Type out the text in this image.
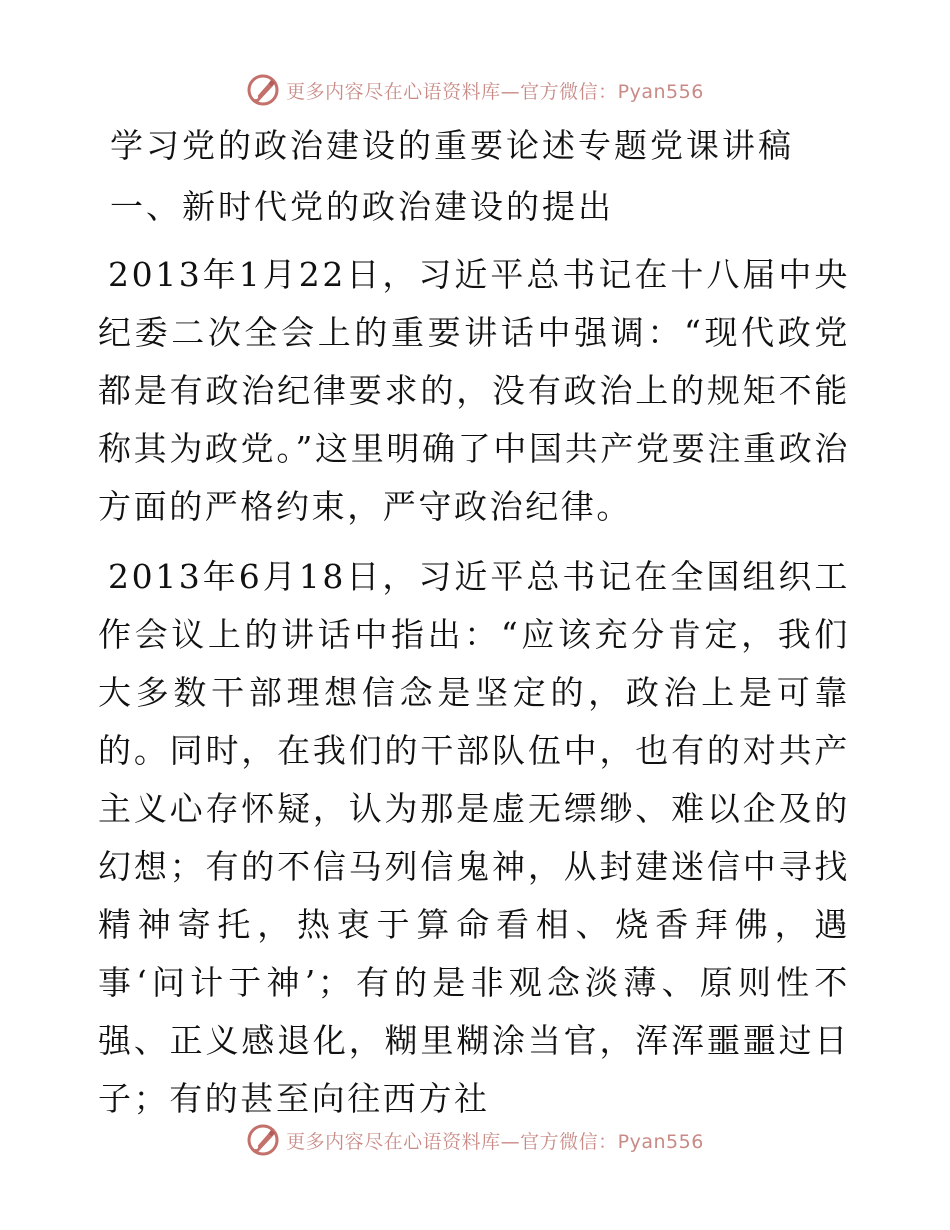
更多内容尽在心语资料库—官方微信：Pyan556
学习党的政治建设的重要论述专题党课讲稿
一、新时代党的政治建设的提出

2013年1月22日，习近平总书记在十八届中央纪委二次全会上的重要讲话中强调：“现代政党都是有政治纪律要求的，没有政治上的规矩不能称其为政党。”这里明确了中国共产党要注重政治方面的严格约束，严守政治纪律。

2013年6月18日，习近平总书记在全国组织工作会议上的讲话中指出：“应该充分肯定，我们大多数干部理想信念是坚定的，政治上是可靠的。同时，在我们的干部队伍中，也有的对共产主义心存怀疑，认为那是虚无缥缈、难以企及的幻想；有的不信马列信鬼神，从封建迷信中寻找精神寄托，热衷于算命看相、烧香拜佛，遇事‘问计于神’；有的是非观念淡薄、原则性不强、正义感退化，糊里糊涂当官，浑浑噩噩过日子；有的甚至向往西方社

更多内容尽在心语资料库—官方微信：Pyan556
